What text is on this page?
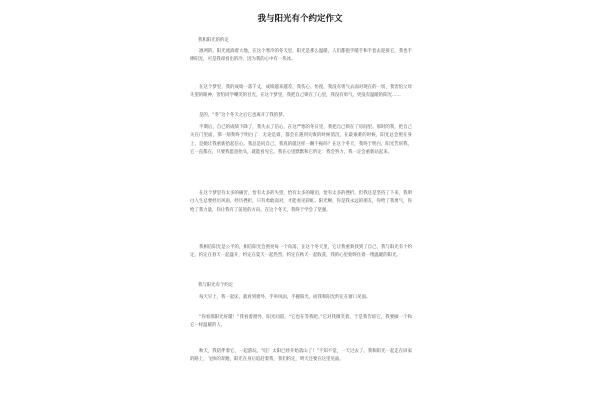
我与阳光有个约定作文

我和阳光的约定

凛冽的，阳光流淌着大地，在这个寒冷的冬天里，阳光是那么温暖，人们都抱手暖手和手套去迎接它，我也手捧阳光，可是我却看出的冷，因为我的心中有一块冰。

在这个梦里，我的成绩一落千丈，成绩越来越差，我伤心、彷徨，我没有勇气去面对现在的一切，我害怕父母失望的眼神，害怕同学嘲笑的目光，在这个梦里，我把自己锁在了心里，我没有勇气，更没有温暖的阳光……

是的，“冬”这个冬天之后它也离开了我的梦。

半期后，自己的成绩下降了，我失去了信心，在这严寒的冬日里，我把自己锁在了房间里。那时的我，把自己关在门里面，那一刻我终于明白了：无论是谁，都会在遇到失败的时候消沉，在最艰难的时候，阳光总会照在身上，是她让我重新拾起信心。我总是问自己，我真的就这样一蹶不振吗？在这个冬天，我终于明白，阳光告诉我，它一直都在，只要我愿意抬头，就能看见它。我在心里默默和它约定：我会努力，我一定会重新站起来。

在这个梦里有太多的痛苦，恰有太多的失望，恰有太多的眼泪，恰有太多的挫折，但我还是坚持了下来，我明白人生总要经历风雨，经历挫折，只有勇敢面对，才能看见彩虹。阳光啊，你是我永远的朋友，你给了我勇气，你给了我力量，你让我有了前进的方向。在这个冬天，我终于学会了坚强。

我相信阳光是公平的，相信阳光会照亮每一个角落，在这个冬天里，它让我重新找到了自己，我与阳光有个约定，约定在春天一起盛开，约定在夏天一起热烈，约定在秋天一起收获，我的心里始终住着一缕温暖的阳光。

我与阳光有个约定

每天早上，我一起床，就看到窗外，手举风雨，手握阳光，而我和阳光约定在窗口见面。

“你看那阳光好暖！”我看着窗外，阳光问道，“它也在等我吧。”它对我微笑着，于是我告诉它，我要做一个和它一样温暖的人。

秋天，我陪伴着它，一起游玩。“哇！太阳已经开始落山了！”不知不觉，一天过去了，我和阳光一起走在回家的路上，飞快的奔跑，阳光在身后追赶着我，我们约定，明天还要在这里见面。
